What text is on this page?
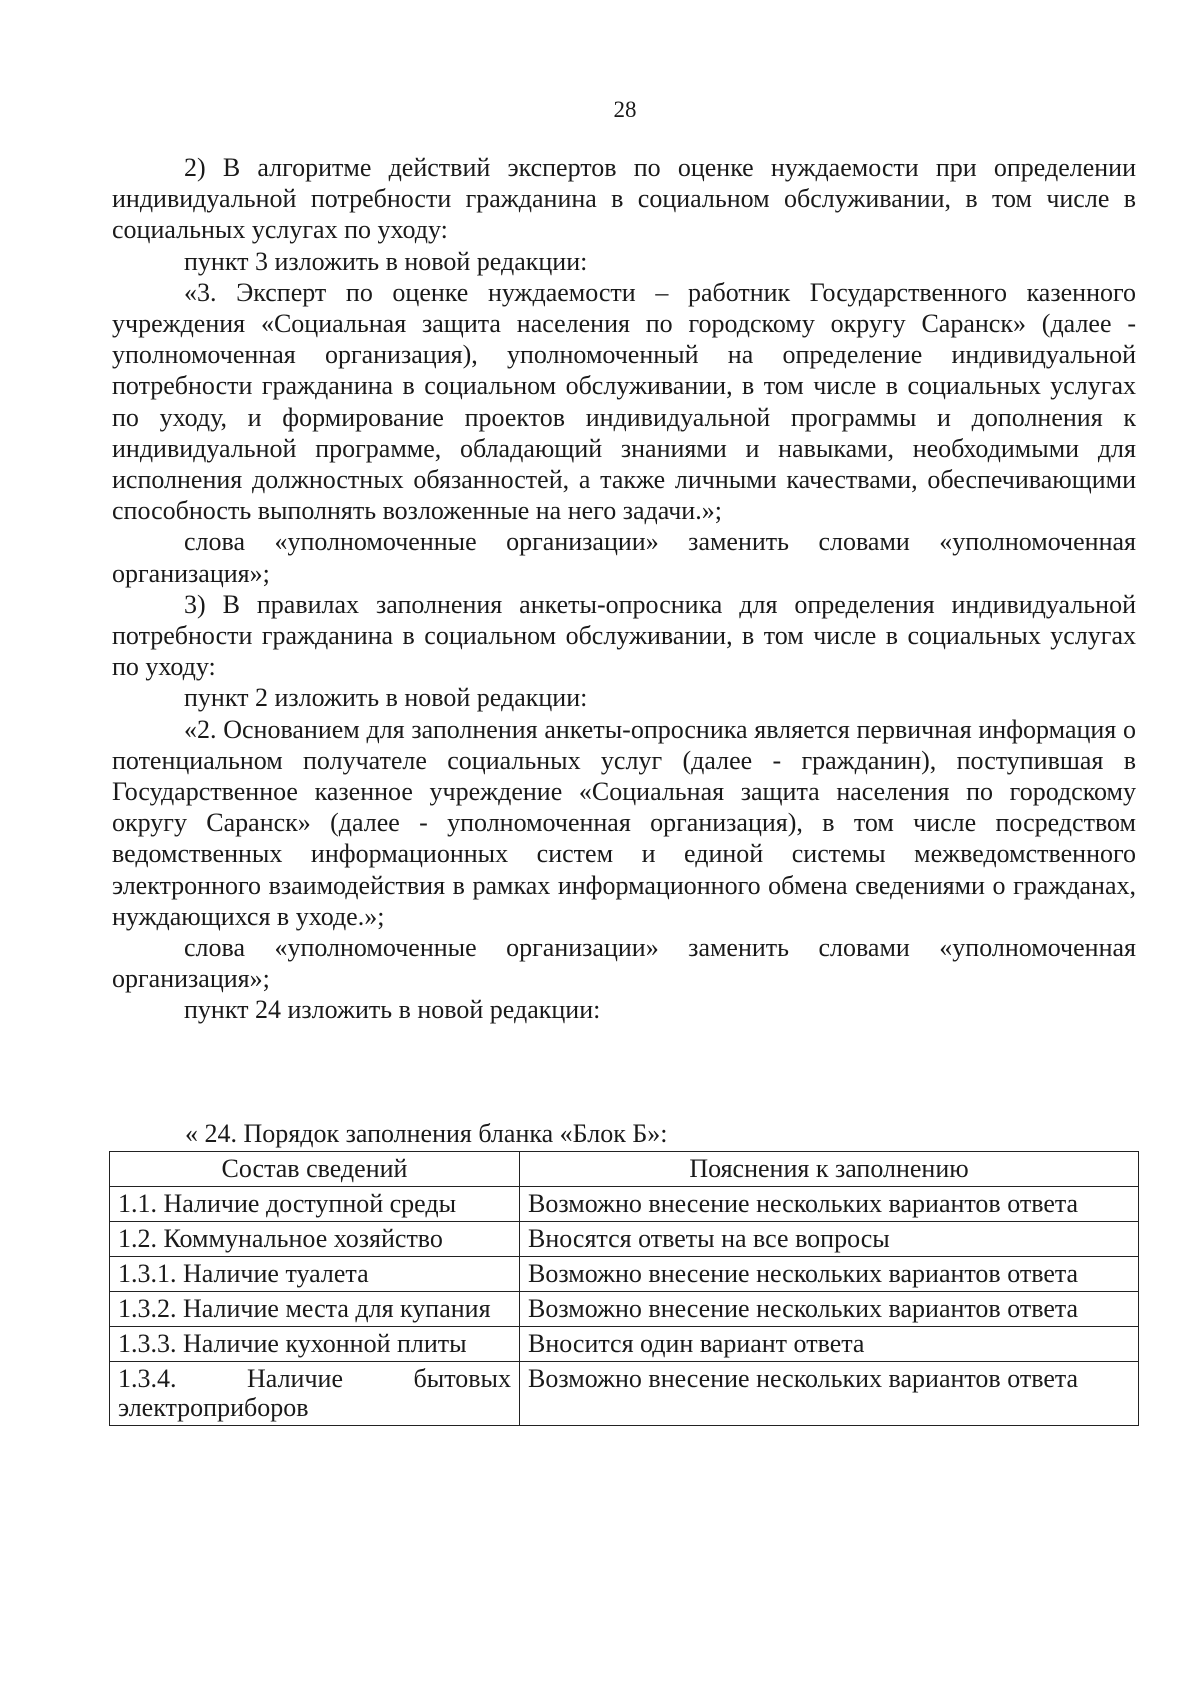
28

2) В алгоритме действий экспертов по оценке нуждаемости при определении индивидуальной потребности гражданина в социальном обслуживании, в том числе в социальных услугах по уходу:

пункт 3 изложить в новой редакции:

«3. Эксперт по оценке нуждаемости – работник Государственного казенного учреждения «Социальная защита населения по городскому округу Саранск» (далее - уполномоченная организация), уполномоченный на определение индивидуальной потребности гражданина в социальном обслуживании, в том числе в социальных услугах по уходу, и формирование проектов индивидуальной программы и дополнения к индивидуальной программе, обладающий знаниями и навыками, необходимыми для исполнения должностных обязанностей, а также личными качествами, обеспечивающими способность выполнять возложенные на него задачи.»;

слова «уполномоченные организации» заменить словами «уполномоченная организация»;

3) В правилах заполнения анкеты-опросника для определения индивидуальной потребности гражданина в социальном обслуживании, в том числе в социальных услугах по уходу:

пункт 2 изложить в новой редакции:

«2. Основанием для заполнения анкеты-опросника является первичная информация о потенциальном получателе социальных услуг (далее - гражданин), поступившая в Государственное казенное учреждение «Социальная защита населения по городскому округу Саранск» (далее - уполномоченная организация), в том числе посредством ведомственных информационных систем и единой системы межведомственного электронного взаимодействия в рамках информационного обмена сведениями о гражданах, нуждающихся в уходе.»;

слова «уполномоченные организации» заменить словами «уполномоченная организация»;

пункт 24 изложить в новой редакции:

« 24. Порядок заполнения бланка «Блок Б»:
Состав сведений	Пояснения к заполнению
1.1. Наличие доступной среды	Возможно внесение нескольких вариантов ответа
1.2. Коммунальное хозяйство	Вносятся ответы на все вопросы
1.3.1. Наличие туалета	Возможно внесение нескольких вариантов ответа
1.3.2. Наличие места для купания	Возможно внесение нескольких вариантов ответа
1.3.3. Наличие кухонной плиты	Вносится один вариант ответа
1.3.4. Наличие бытовых электроприборов	Возможно внесение нескольких вариантов ответа
